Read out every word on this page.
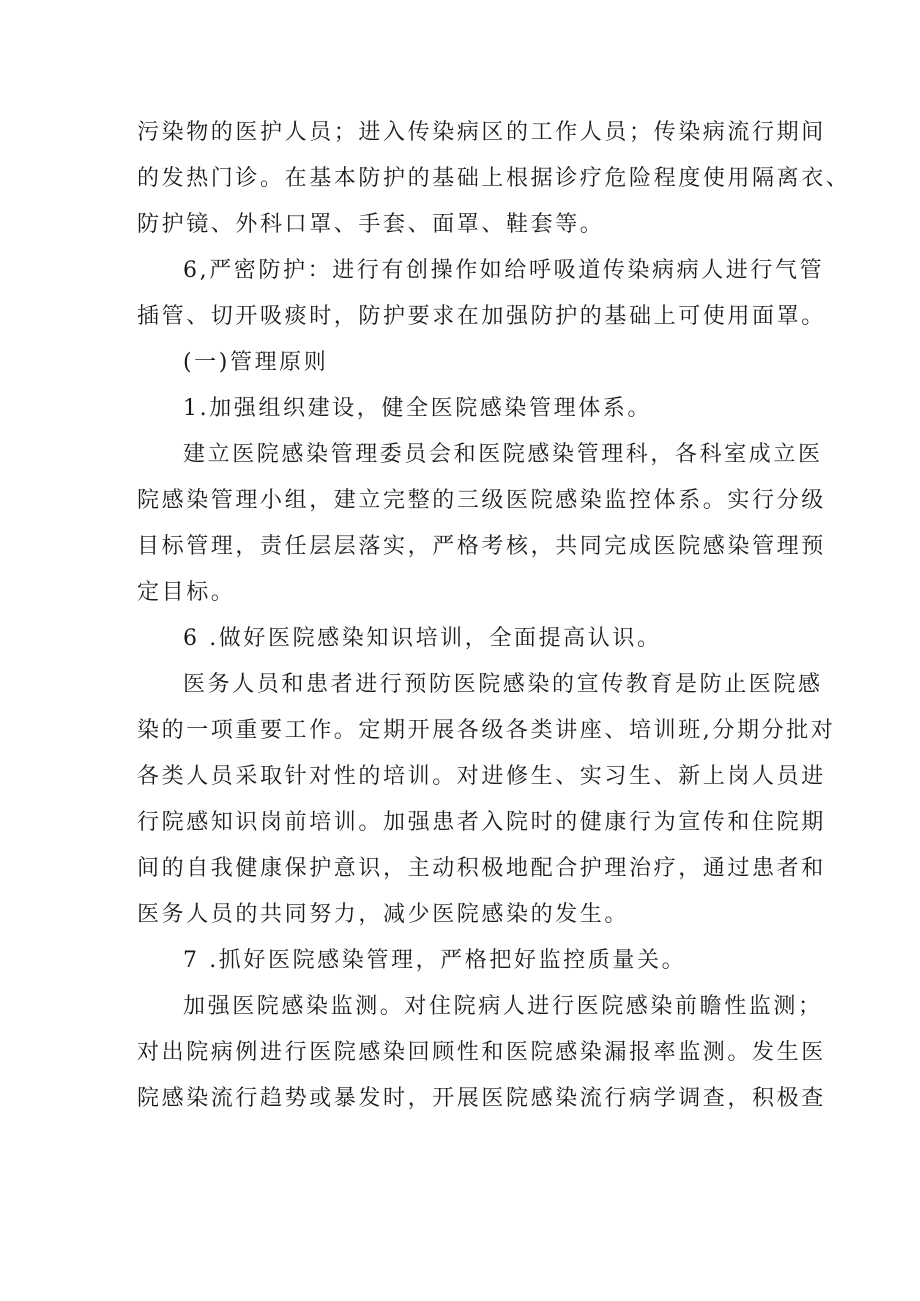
污染物的医护人员；进入传染病区的工作人员；传染病流行期间

的发热门诊。在基本防护的基础上根据诊疗危险程度使用隔离衣、

防护镜、外科口罩、手套、面罩、鞋套等。

6,严密防护：进行有创操作如给呼吸道传染病病人进行气管

插管、切开吸痰时，防护要求在加强防护的基础上可使用面罩。

(一)管理原则

1.加强组织建设，健全医院感染管理体系。

建立医院感染管理委员会和医院感染管理科，各科室成立医

院感染管理小组，建立完整的三级医院感染监控体系。实行分级

目标管理，责任层层落实，严格考核，共同完成医院感染管理预

定目标。

6 .做好医院感染知识培训，全面提高认识。

医务人员和患者进行预防医院感染的宣传教育是防止医院感

染的一项重要工作。定期开展各级各类讲座、培训班,分期分批对

各类人员采取针对性的培训。对进修生、实习生、新上岗人员进

行院感知识岗前培训。加强患者入院时的健康行为宣传和住院期

间的自我健康保护意识，主动积极地配合护理治疗，通过患者和

医务人员的共同努力，减少医院感染的发生。

7 .抓好医院感染管理，严格把好监控质量关。

加强医院感染监测。对住院病人进行医院感染前瞻性监测；

对出院病例进行医院感染回顾性和医院感染漏报率监测。发生医

院感染流行趋势或暴发时，开展医院感染流行病学调查，积极查
